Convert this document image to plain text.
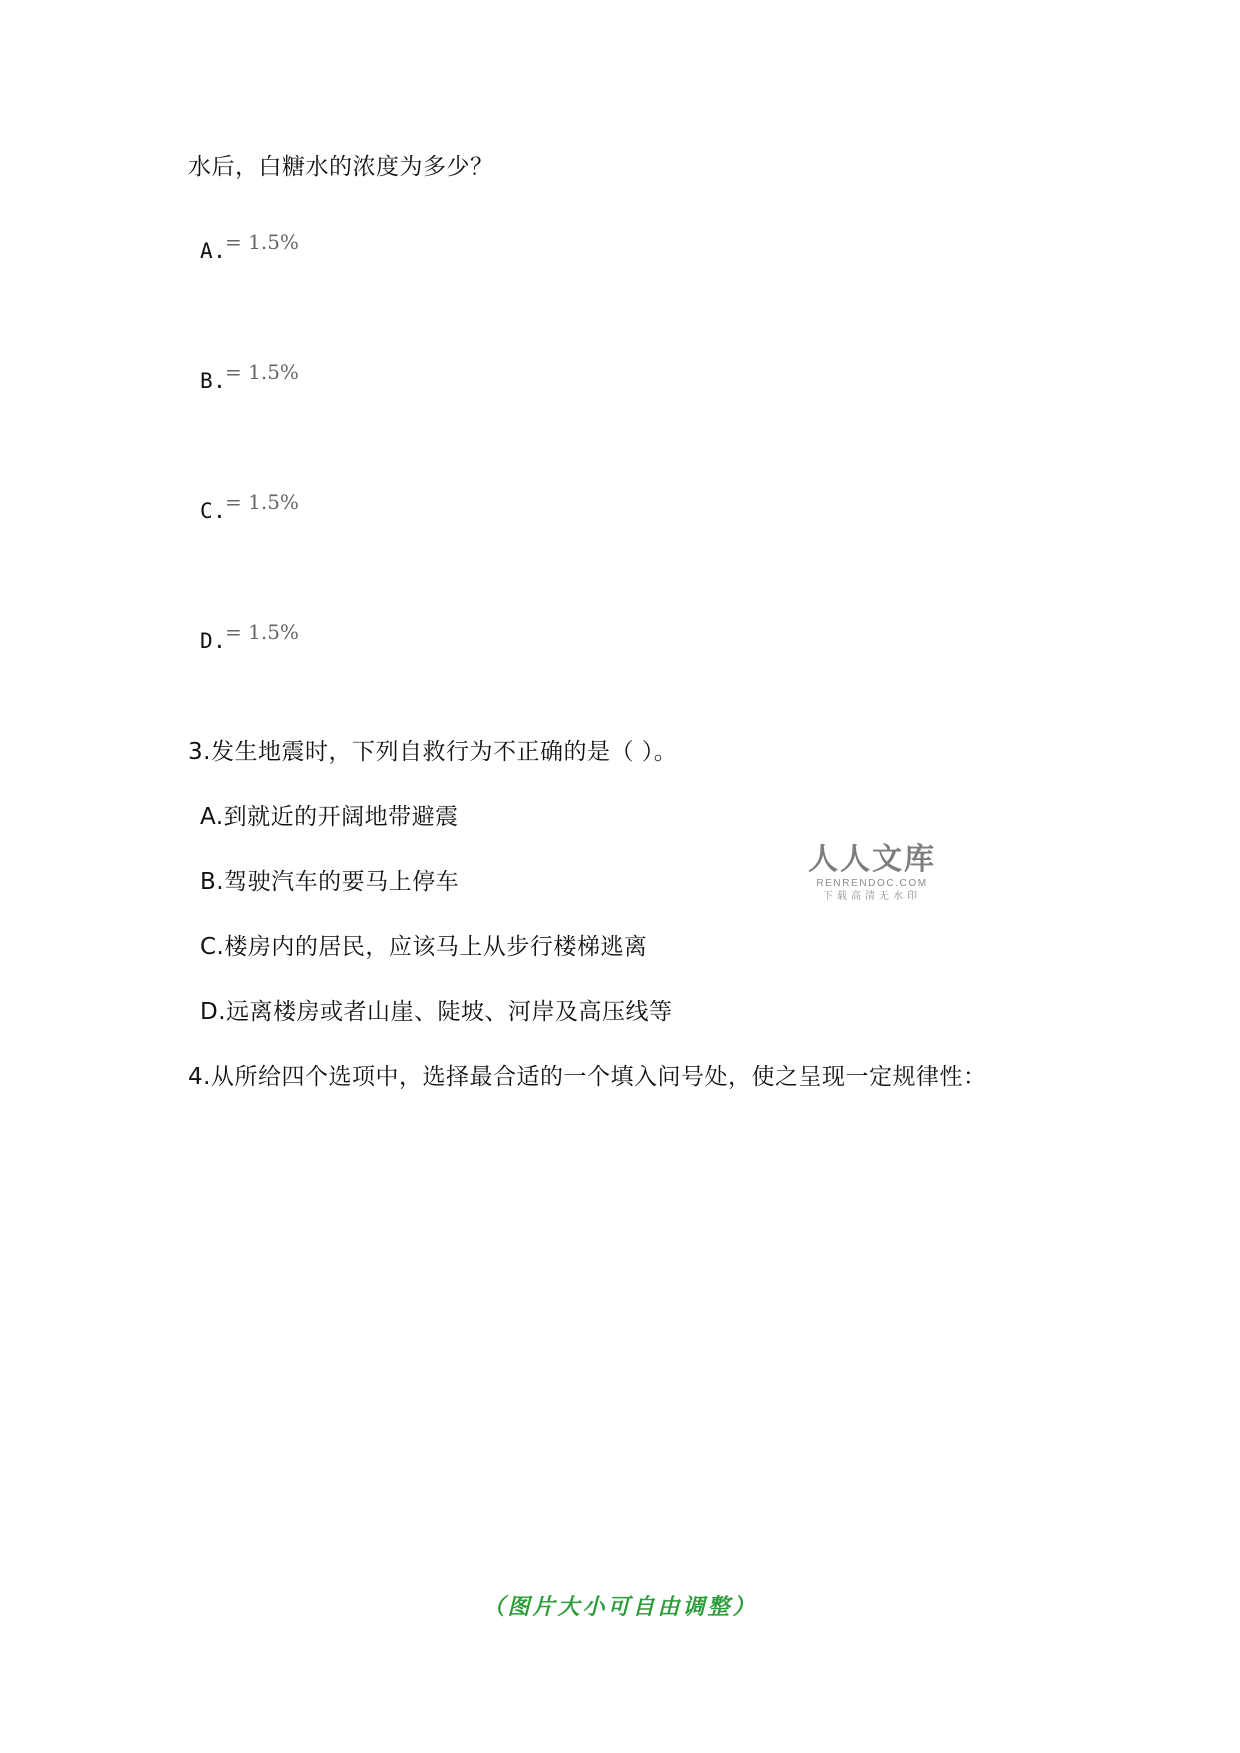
水后，白糖水的浓度为多少？
A.
= 1.5%
B.
= 1.5%
C.
= 1.5%
D.
= 1.5%
3.发生地震时，下列自救行为不正确的是（ ）。
A.到就近的开阔地带避震
B.驾驶汽车的要马上停车
C.楼房内的居民，应该马上从步行楼梯逃离
D.远离楼房或者山崖、陡坡、河岸及高压线等
4.从所给四个选项中，选择最合适的一个填入问号处，使之呈现一定规律性：
人人文库
RENRENDOC.COM
下载高清无水印
（图片大小可自由调整）
